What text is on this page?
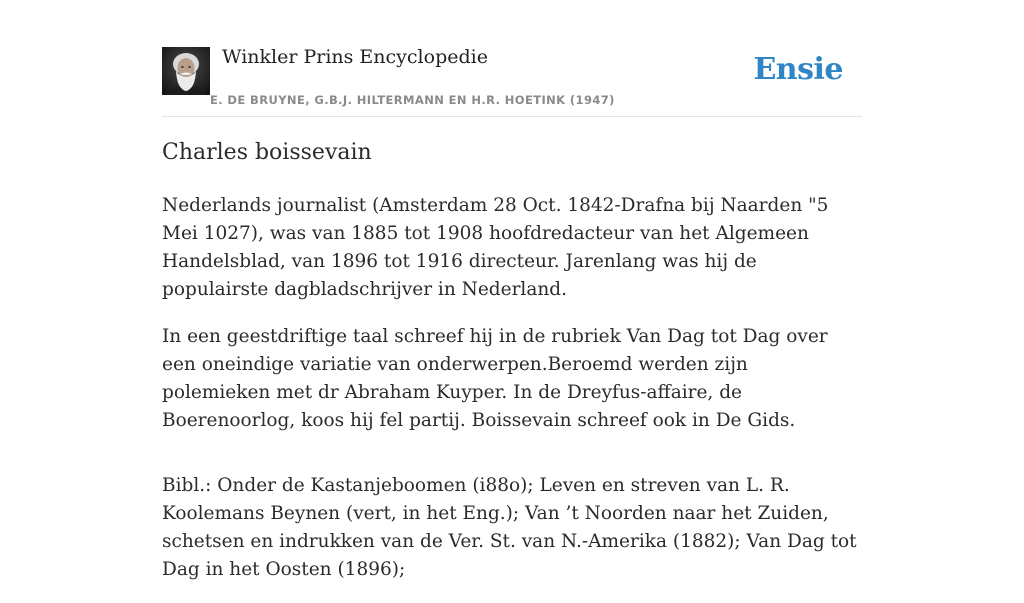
Winkler Prins Encyclopedie
E. DE BRUYNE, G.B.J. HILTERMANN EN H.R. HOETINK (1947)
Ensie
Charles boissevain

Nederlands journalist (Amsterdam 28 Oct. 1842-Drafna bij Naarden "5 Mei 1027), was van 1885 tot 1908 hoofdredacteur van het Algemeen Handelsblad, van 1896 tot 1916 directeur. Jarenlang was hij de populairste dagbladschrijver in Nederland.

In een geestdriftige taal schreef hij in de rubriek Van Dag tot Dag over een oneindige variatie van onderwerpen.Beroemd werden zijn polemieken met dr Abraham Kuyper. In de Dreyfus-affaire, de Boerenoorlog, koos hij fel partij. Boissevain schreef ook in De Gids.

Bibl.: Onder de Kastanjeboomen (i88o); Leven en streven van L. R. Koolemans Beynen (vert, in het Eng.); Van ’t Noorden naar het Zuiden, schetsen en indrukken van de Ver. St. van N.-Amerika (1882); Van Dag tot Dag in het Oosten (1896);
